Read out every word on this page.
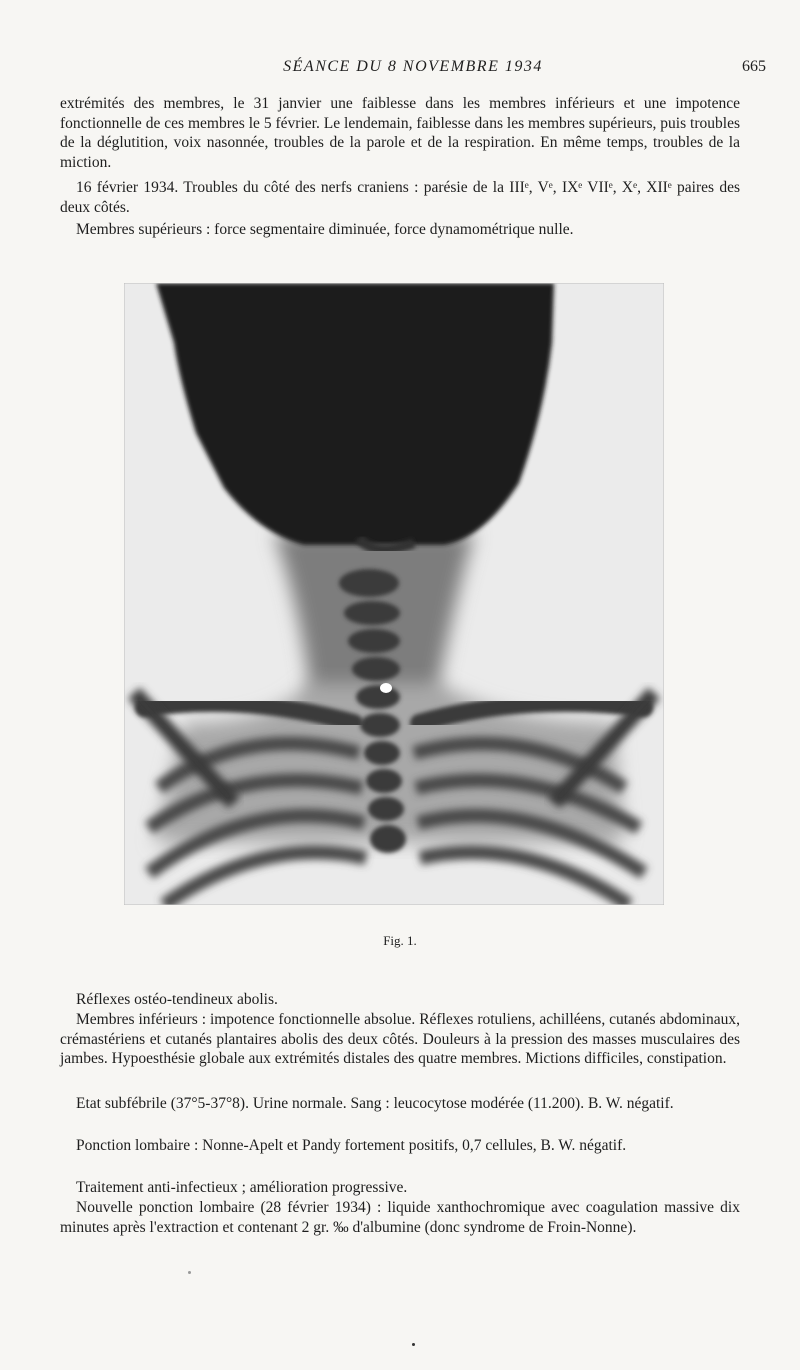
SÉANCE DU 8 NOVEMBRE 1934	665

extrémités des membres, le 31 janvier une faiblesse dans les membres inférieurs et une impotence fonctionnelle de ces membres le 5 février. Le lendemain, faiblesse dans les membres supérieurs, puis troubles de la déglutition, voix nasonnée, troubles de la parole et de la respiration. En même temps, troubles de la miction.

16 février 1934. Troubles du côté des nerfs craniens : parésie de la IIIᵉ, Vᵉ, IXᵉ VIIᵉ, Xᵉ, XIIᵉ paires des deux côtés.

Membres supérieurs : force segmentaire diminuée, force dynamométrique nulle.

Fig. 1.

Réflexes ostéo-tendineux abolis.

Membres inférieurs : impotence fonctionnelle absolue. Réflexes rotuliens, achilléens, cutanés abdominaux, crémastériens et cutanés plantaires abolis des deux côtés. Douleurs à la pression des masses musculaires des jambes. Hypoesthésie globale aux extrémités distales des quatre membres. Mictions difficiles, constipation.

Etat subfébrile (37°5-37°8). Urine normale. Sang : leucocytose modérée (11.200). B. W. négatif.

Ponction lombaire : Nonne-Apelt et Pandy fortement positifs, 0,7 cellules, B. W. négatif.

Traitement anti-infectieux ; amélioration progressive.

Nouvelle ponction lombaire (28 février 1934) : liquide xanthochromique avec coagulation massive dix minutes après l'extraction et contenant 2 gr. ‰ d'albumine (donc syndrome de Froin-Nonne).
